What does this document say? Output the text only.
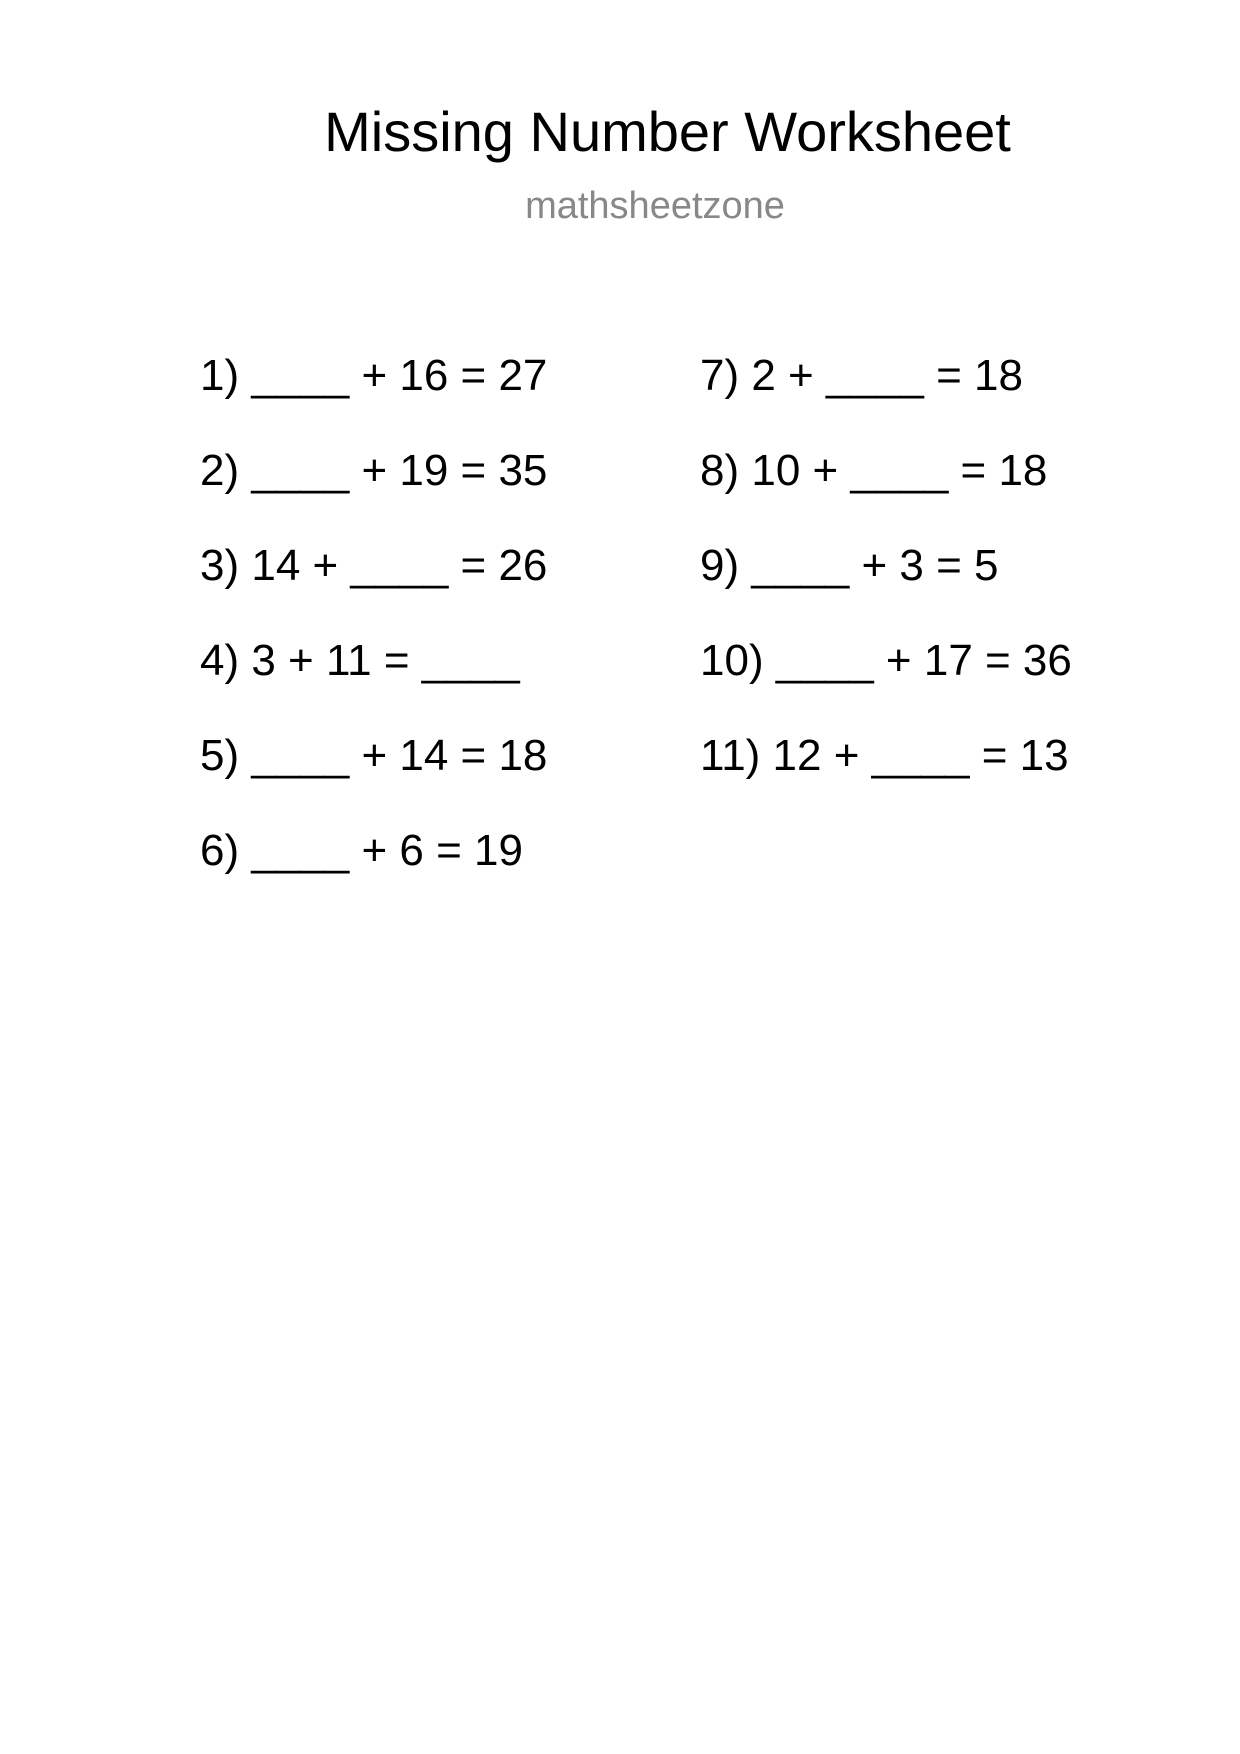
Missing Number Worksheet
mathsheetzone
1) ____ + 16 = 27
2) ____ + 19 = 35
3) 14 + ____ = 26
4) 3 + 11 = ____
5) ____ + 14 = 18
6) ____ + 6 = 19
7) 2 + ____ = 18
8) 10 + ____ = 18
9) ____ + 3 = 5
10) ____ + 17 = 36
11) 12 + ____ = 13
